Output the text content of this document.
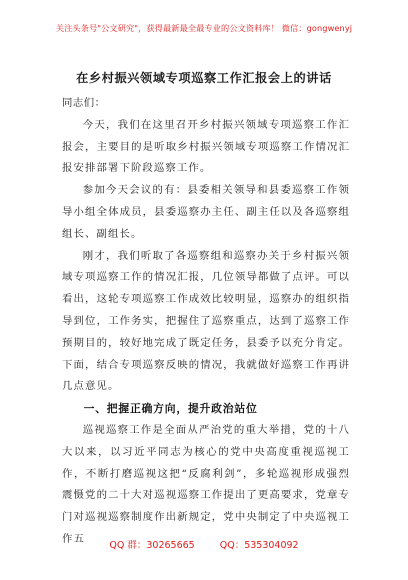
关注头条号"公文研究"，获得最新最全最专业的公文资料库！ 微信：gongwenyj
在乡村振兴领域专项巡察工作汇报会上的讲话
同志们：

今天，我们在这里召开乡村振兴领域专项巡察工作汇报会，主要目的是听取乡村振兴领域专项巡察工作情况汇报安排部署下阶段巡察工作。

参加今天会议的有：县委相关领导和县委巡察工作领导小组全体成员，县委巡察办主任、副主任以及各巡察组组长、副组长。

刚才，我们听取了各巡察组和巡察办关于乡村振兴领域专项巡察工作的情况汇报，几位领导都做了点评。可以看出，这轮专项巡察工作成效比较明显，巡察办的组织指导到位，工作务实，把握住了巡察重点，达到了巡察工作预期目的，较好地完成了既定任务，县委予以充分肯定。下面，结合专项巡察反映的情况，我就做好巡察工作再讲几点意见。

一、把握正确方向，提升政治站位

巡视巡察工作是全面从严治党的重大举措，党的十八大以来，以习近平同志为核心的党中央高度重视巡视工作，不断打磨巡视这把“反腐利剑”，多轮巡视形成强烈震慑党的二十大对巡视巡察工作提出了更高要求，党章专门对巡视巡察制度作出新规定，党中央制定了中央巡视工作五

QQ 群：30265665	QQ：535304092
